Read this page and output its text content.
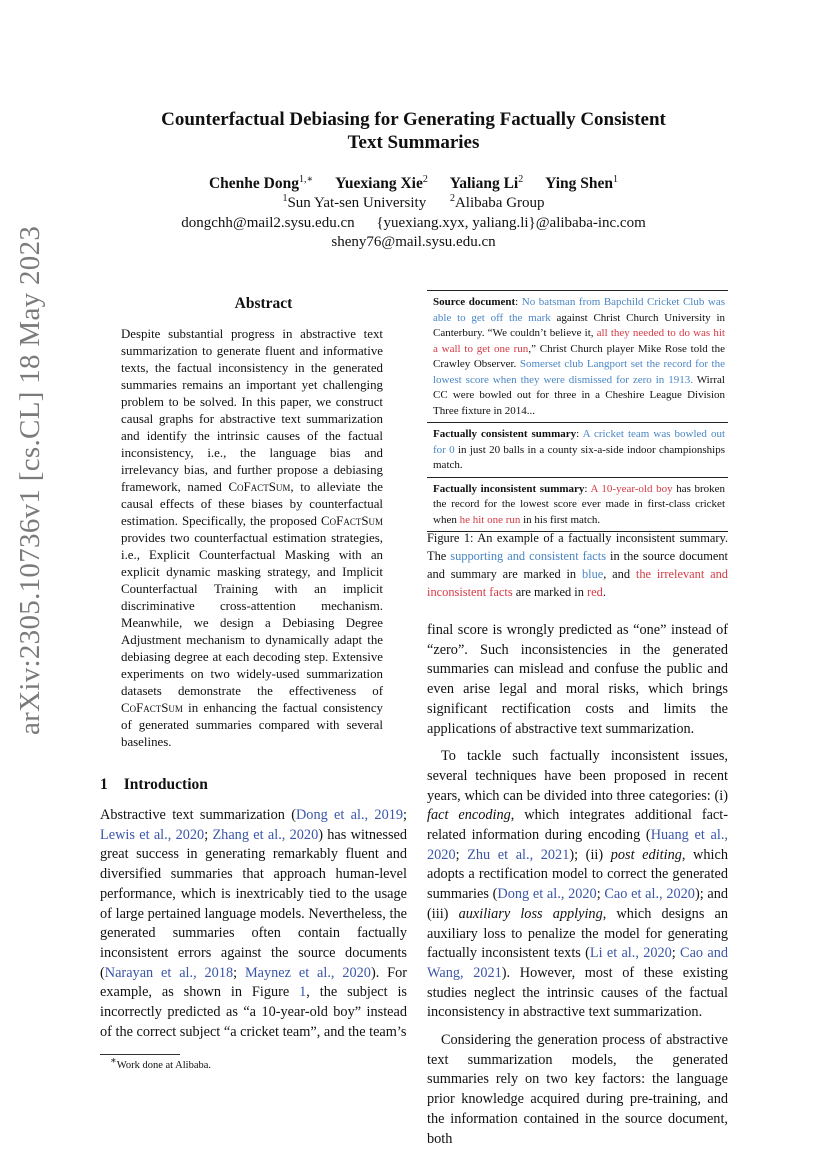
arXiv:2305.10736v1 [cs.CL] 18 May 2023
Counterfactual Debiasing for Generating Factually Consistent
Text Summaries
Chenhe Dong$^{1,∗}$ Yuexiang Xie$^2$ Yaliang Li$^2$ Ying Shen$^1$
$^1$Sun Yat-sen University $^2$Alibaba Group
dongchh@mail2.sysu.edu.cn {yuexiang.xyx, yaliang.li}@alibaba-inc.com
sheny76@mail.sysu.edu.cn
Abstract
Despite substantial progress in abstractive text summarization to generate fluent and informative texts, the factual inconsistency in the generated summaries remains an important yet challenging problem to be solved. In this paper, we construct causal graphs for abstractive text summarization and identify the intrinsic causes of the factual inconsistency, i.e., the language bias and irrelevancy bias, and further propose a debiasing framework, named CoFactSum, to alleviate the causal effects of these biases by counterfactual estimation. Specifically, the proposed CoFactSum provides two counterfactual estimation strategies, i.e., Explicit Counterfactual Masking with an explicit dynamic masking strategy, and Implicit Counterfactual Training with an implicit discriminative cross-attention mechanism. Meanwhile, we design a Debiasing Degree Adjustment mechanism to dynamically adapt the debiasing degree at each decoding step. Extensive experiments on two widely-used summarization datasets demonstrate the effectiveness of CoFactSum in enhancing the factual consistency of generated summaries compared with several baselines.
1 Introduction
Abstractive text summarization (Dong et al., 2019; Lewis et al., 2020; Zhang et al., 2020) has witnessed great success in generating remarkably fluent and diversified summaries that approach human-level performance, which is inextricably tied to the usage of large pertained language models. Nevertheless, the generated summaries often contain factually inconsistent errors against the source documents (Narayan et al., 2018; Maynez et al., 2020). For example, as shown in Figure 1, the subject is incorrectly predicted as “a 10-year-old boy” instead of the correct subject “a cricket team”, and the team’s
∗Work done at Alibaba.
Source document: No batsman from Bapchild Cricket Club was able to get off the mark against Christ Church University in Canterbury. “We couldn’t believe it, all they needed to do was hit a wall to get one run,” Christ Church player Mike Rose told the Crawley Observer. Somerset club Langport set the record for the lowest score when they were dismissed for zero in 1913. Wirral CC were bowled out for three in a Cheshire League Division Three fixture in 2014...
Factually consistent summary: A cricket team was bowled out for 0 in just 20 balls in a county six-a-side indoor championships match.
Factually inconsistent summary: A 10-year-old boy has broken the record for the lowest score ever made in first-class cricket when he hit one run in his first match.
Figure 1: An example of a factually inconsistent summary. The supporting and consistent facts in the source document and summary are marked in blue, and the irrelevant and inconsistent facts are marked in red.
final score is wrongly predicted as “one” instead of “zero”. Such inconsistencies in the generated summaries can mislead and confuse the public and even arise legal and moral risks, which brings significant rectification costs and limits the applications of abstractive text summarization.
To tackle such factually inconsistent issues, several techniques have been proposed in recent years, which can be divided into three categories: (i) fact encoding, which integrates additional fact-related information during encoding (Huang et al., 2020; Zhu et al., 2021); (ii) post editing, which adopts a rectification model to correct the generated summaries (Dong et al., 2020; Cao et al., 2020); and (iii) auxiliary loss applying, which designs an auxiliary loss to penalize the model for generating factually inconsistent texts (Li et al., 2020; Cao and Wang, 2021). However, most of these existing studies neglect the intrinsic causes of the factual inconsistency in abstractive text summarization.
Considering the generation process of abstractive text summarization models, the generated summaries rely on two key factors: the language prior knowledge acquired during pre-training, and the information contained in the source document, both
